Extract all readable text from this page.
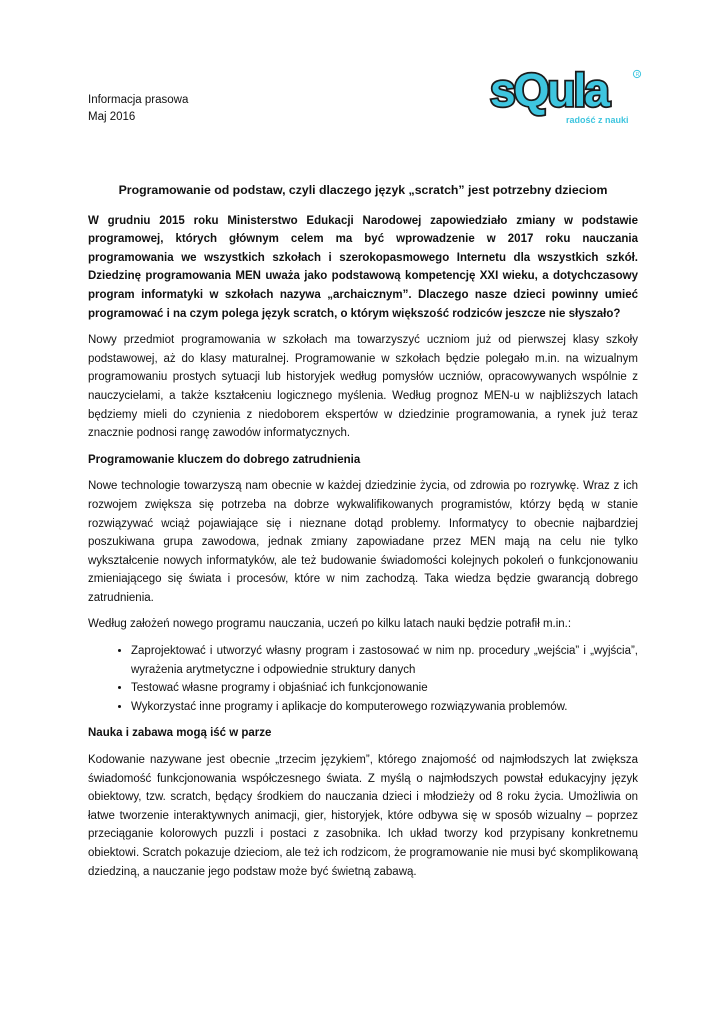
Informacja prasowa
Maj 2016
sQula	R
radość z nauki
Programowanie od podstaw, czyli dlaczego język „scratch” jest potrzebny dzieciom

W grudniu 2015 roku Ministerstwo Edukacji Narodowej zapowiedziało zmiany w podstawie programowej, których głównym celem ma być wprowadzenie w 2017 roku nauczania programowania we wszystkich szkołach i szerokopasmowego Internetu dla wszystkich szkół. Dziedzinę programowania MEN uważa jako podstawową kompetencję XXI wieku, a dotychczasowy program informatyki w szkołach nazywa „archaicznym”. Dlaczego nasze dzieci powinny umieć programować i na czym polega język scratch, o którym większość rodziców jeszcze nie słyszało?

Nowy przedmiot programowania w szkołach ma towarzyszyć uczniom już od pierwszej klasy szkoły podstawowej, aż do klasy maturalnej. Programowanie w szkołach będzie polegało m.in. na wizualnym programowaniu prostych sytuacji lub historyjek według pomysłów uczniów, opracowywanych wspólnie z nauczycielami, a także kształceniu logicznego myślenia. Według prognoz MEN-u w najbliższych latach będziemy mieli do czynienia z niedoborem ekspertów w dziedzinie programowania, a rynek już teraz znacznie podnosi rangę zawodów informatycznych.

Programowanie kluczem do dobrego zatrudnienia

Nowe technologie towarzyszą nam obecnie w każdej dziedzinie życia, od zdrowia po rozrywkę. Wraz z ich rozwojem zwiększa się potrzeba na dobrze wykwalifikowanych programistów, którzy będą w stanie rozwiązywać wciąż pojawiające się i nieznane dotąd problemy. Informatycy to obecnie najbardziej poszukiwana grupa zawodowa, jednak zmiany zapowiadane przez MEN mają na celu nie tylko wykształcenie nowych informatyków, ale też budowanie świadomości kolejnych pokoleń o funkcjonowaniu zmieniającego się świata i procesów, które w nim zachodzą. Taka wiedza będzie gwarancją dobrego zatrudnienia.

Według założeń nowego programu nauczania, uczeń po kilku latach nauki będzie potrafił m.in.:

• Zaprojektować i utworzyć własny program i zastosować w nim np. procedury „wejścia” i „wyjścia”, wyrażenia arytmetyczne i odpowiednie struktury danych
• Testować własne programy i objaśniać ich funkcjonowanie
• Wykorzystać inne programy i aplikacje do komputerowego rozwiązywania problemów.

Nauka i zabawa mogą iść w parze

Kodowanie nazywane jest obecnie „trzecim językiem”, którego znajomość od najmłodszych lat zwiększa świadomość funkcjonowania współczesnego świata. Z myślą o najmłodszych powstał edukacyjny język obiektowy, tzw. scratch, będący środkiem do nauczania dzieci i młodzieży od 8 roku życia. Umożliwia on łatwe tworzenie interaktywnych animacji, gier, historyjek, które odbywa się w sposób wizualny – poprzez przeciąganie kolorowych puzzli i postaci z zasobnika. Ich układ tworzy kod przypisany konkretnemu obiektowi. Scratch pokazuje dzieciom, ale też ich rodzicom, że programowanie nie musi być skomplikowaną dziedziną, a nauczanie jego podstaw może być świetną zabawą.
